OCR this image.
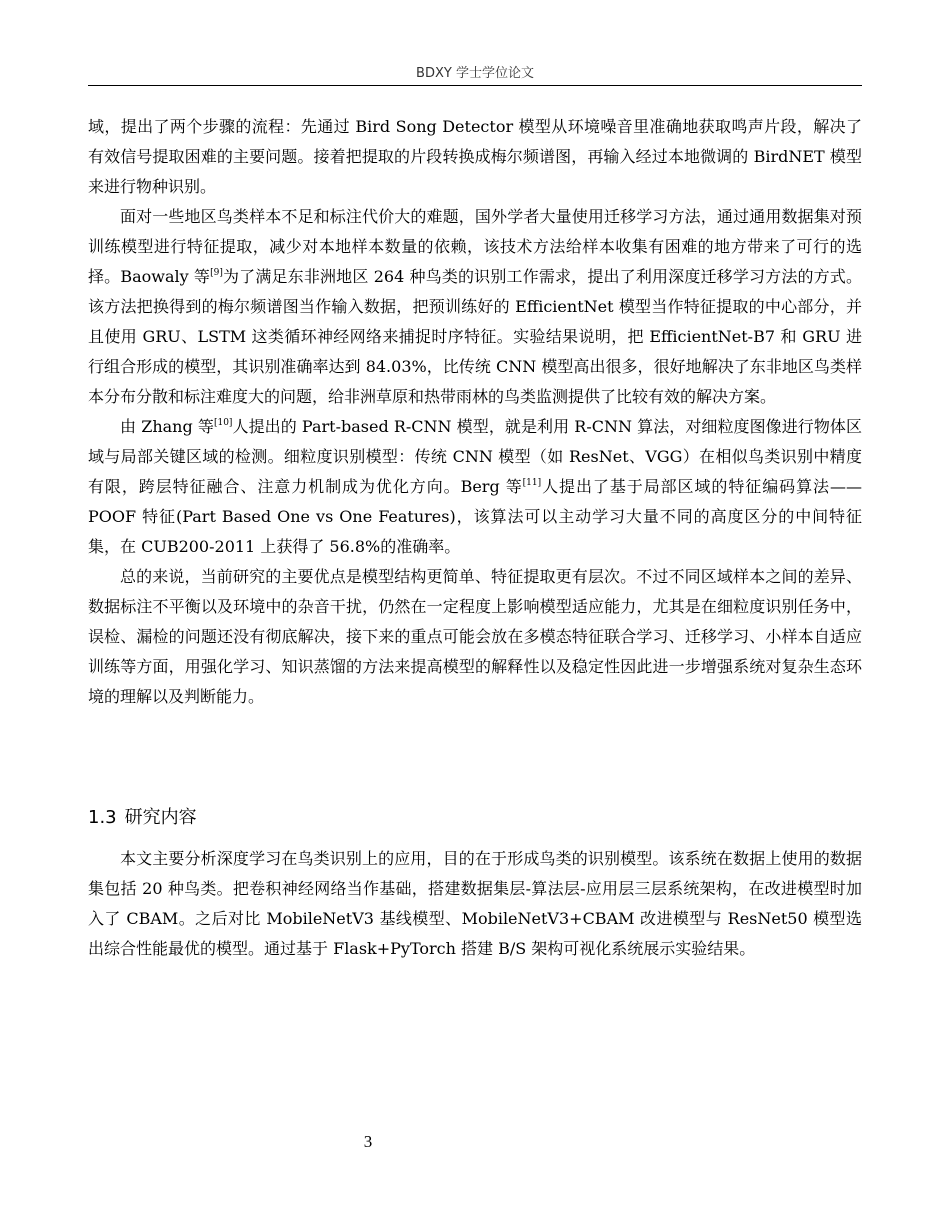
BDXY 学士学位论文

域，提出了两个步骤的流程：先通过 Bird Song Detector 模型从环境噪音里准确地获取鸣声片段，解决了有效信号提取困难的主要问题。接着把提取的片段转换成梅尔频谱图，再输入经过本地微调的 BirdNET 模型来进行物种识别。

面对一些地区鸟类样本不足和标注代价大的难题，国外学者大量使用迁移学习方法，通过通用数据集对预训练模型进行特征提取，减少对本地样本数量的依赖，该技术方法给样本收集有困难的地方带来了可行的选择。Baowaly 等[9]为了满足东非洲地区 264 种鸟类的识别工作需求，提出了利用深度迁移学习方法的方式。该方法把换得到的梅尔频谱图当作输入数据，把预训练好的 EfficientNet 模型当作特征提取的中心部分，并且使用 GRU、LSTM 这类循环神经网络来捕捉时序特征。实验结果说明，把 EfficientNet-B7 和 GRU 进行组合形成的模型，其识别准确率达到 84.03%，比传统 CNN 模型高出很多，很好地解决了东非地区鸟类样本分布分散和标注难度大的问题，给非洲草原和热带雨林的鸟类监测提供了比较有效的解决方案。

由 Zhang 等[10]人提出的 Part-based R-CNN 模型，就是利用 R-CNN 算法，对细粒度图像进行物体区域与局部关键区域的检测。细粒度识别模型：传统 CNN 模型（如 ResNet、VGG）在相似鸟类识别中精度有限，跨层特征融合、注意力机制成为优化方向。Berg 等[11]人提出了基于局部区域的特征编码算法——POOF 特征(Part Based One vs One Features)，该算法可以主动学习大量不同的高度区分的中间特征集，在 CUB200-2011 上获得了 56.8%的准确率。

总的来说，当前研究的主要优点是模型结构更简单、特征提取更有层次。不过不同区域样本之间的差异、数据标注不平衡以及环境中的杂音干扰，仍然在一定程度上影响模型适应能力，尤其是在细粒度识别任务中，误检、漏检的问题还没有彻底解决，接下来的重点可能会放在多模态特征联合学习、迁移学习、小样本自适应训练等方面，用强化学习、知识蒸馏的方法来提高模型的解释性以及稳定性因此进一步增强系统对复杂生态环境的理解以及判断能力。

1.3 研究内容

本文主要分析深度学习在鸟类识别上的应用，目的在于形成鸟类的识别模型。该系统在数据上使用的数据集包括 20 种鸟类。把卷积神经网络当作基础，搭建数据集层-算法层-应用层三层系统架构，在改进模型时加入了 CBAM。之后对比 MobileNetV3 基线模型、MobileNetV3+CBAM 改进模型与 ResNet50 模型选出综合性能最优的模型。通过基于 Flask+PyTorch 搭建 B/S 架构可视化系统展示实验结果。

3
